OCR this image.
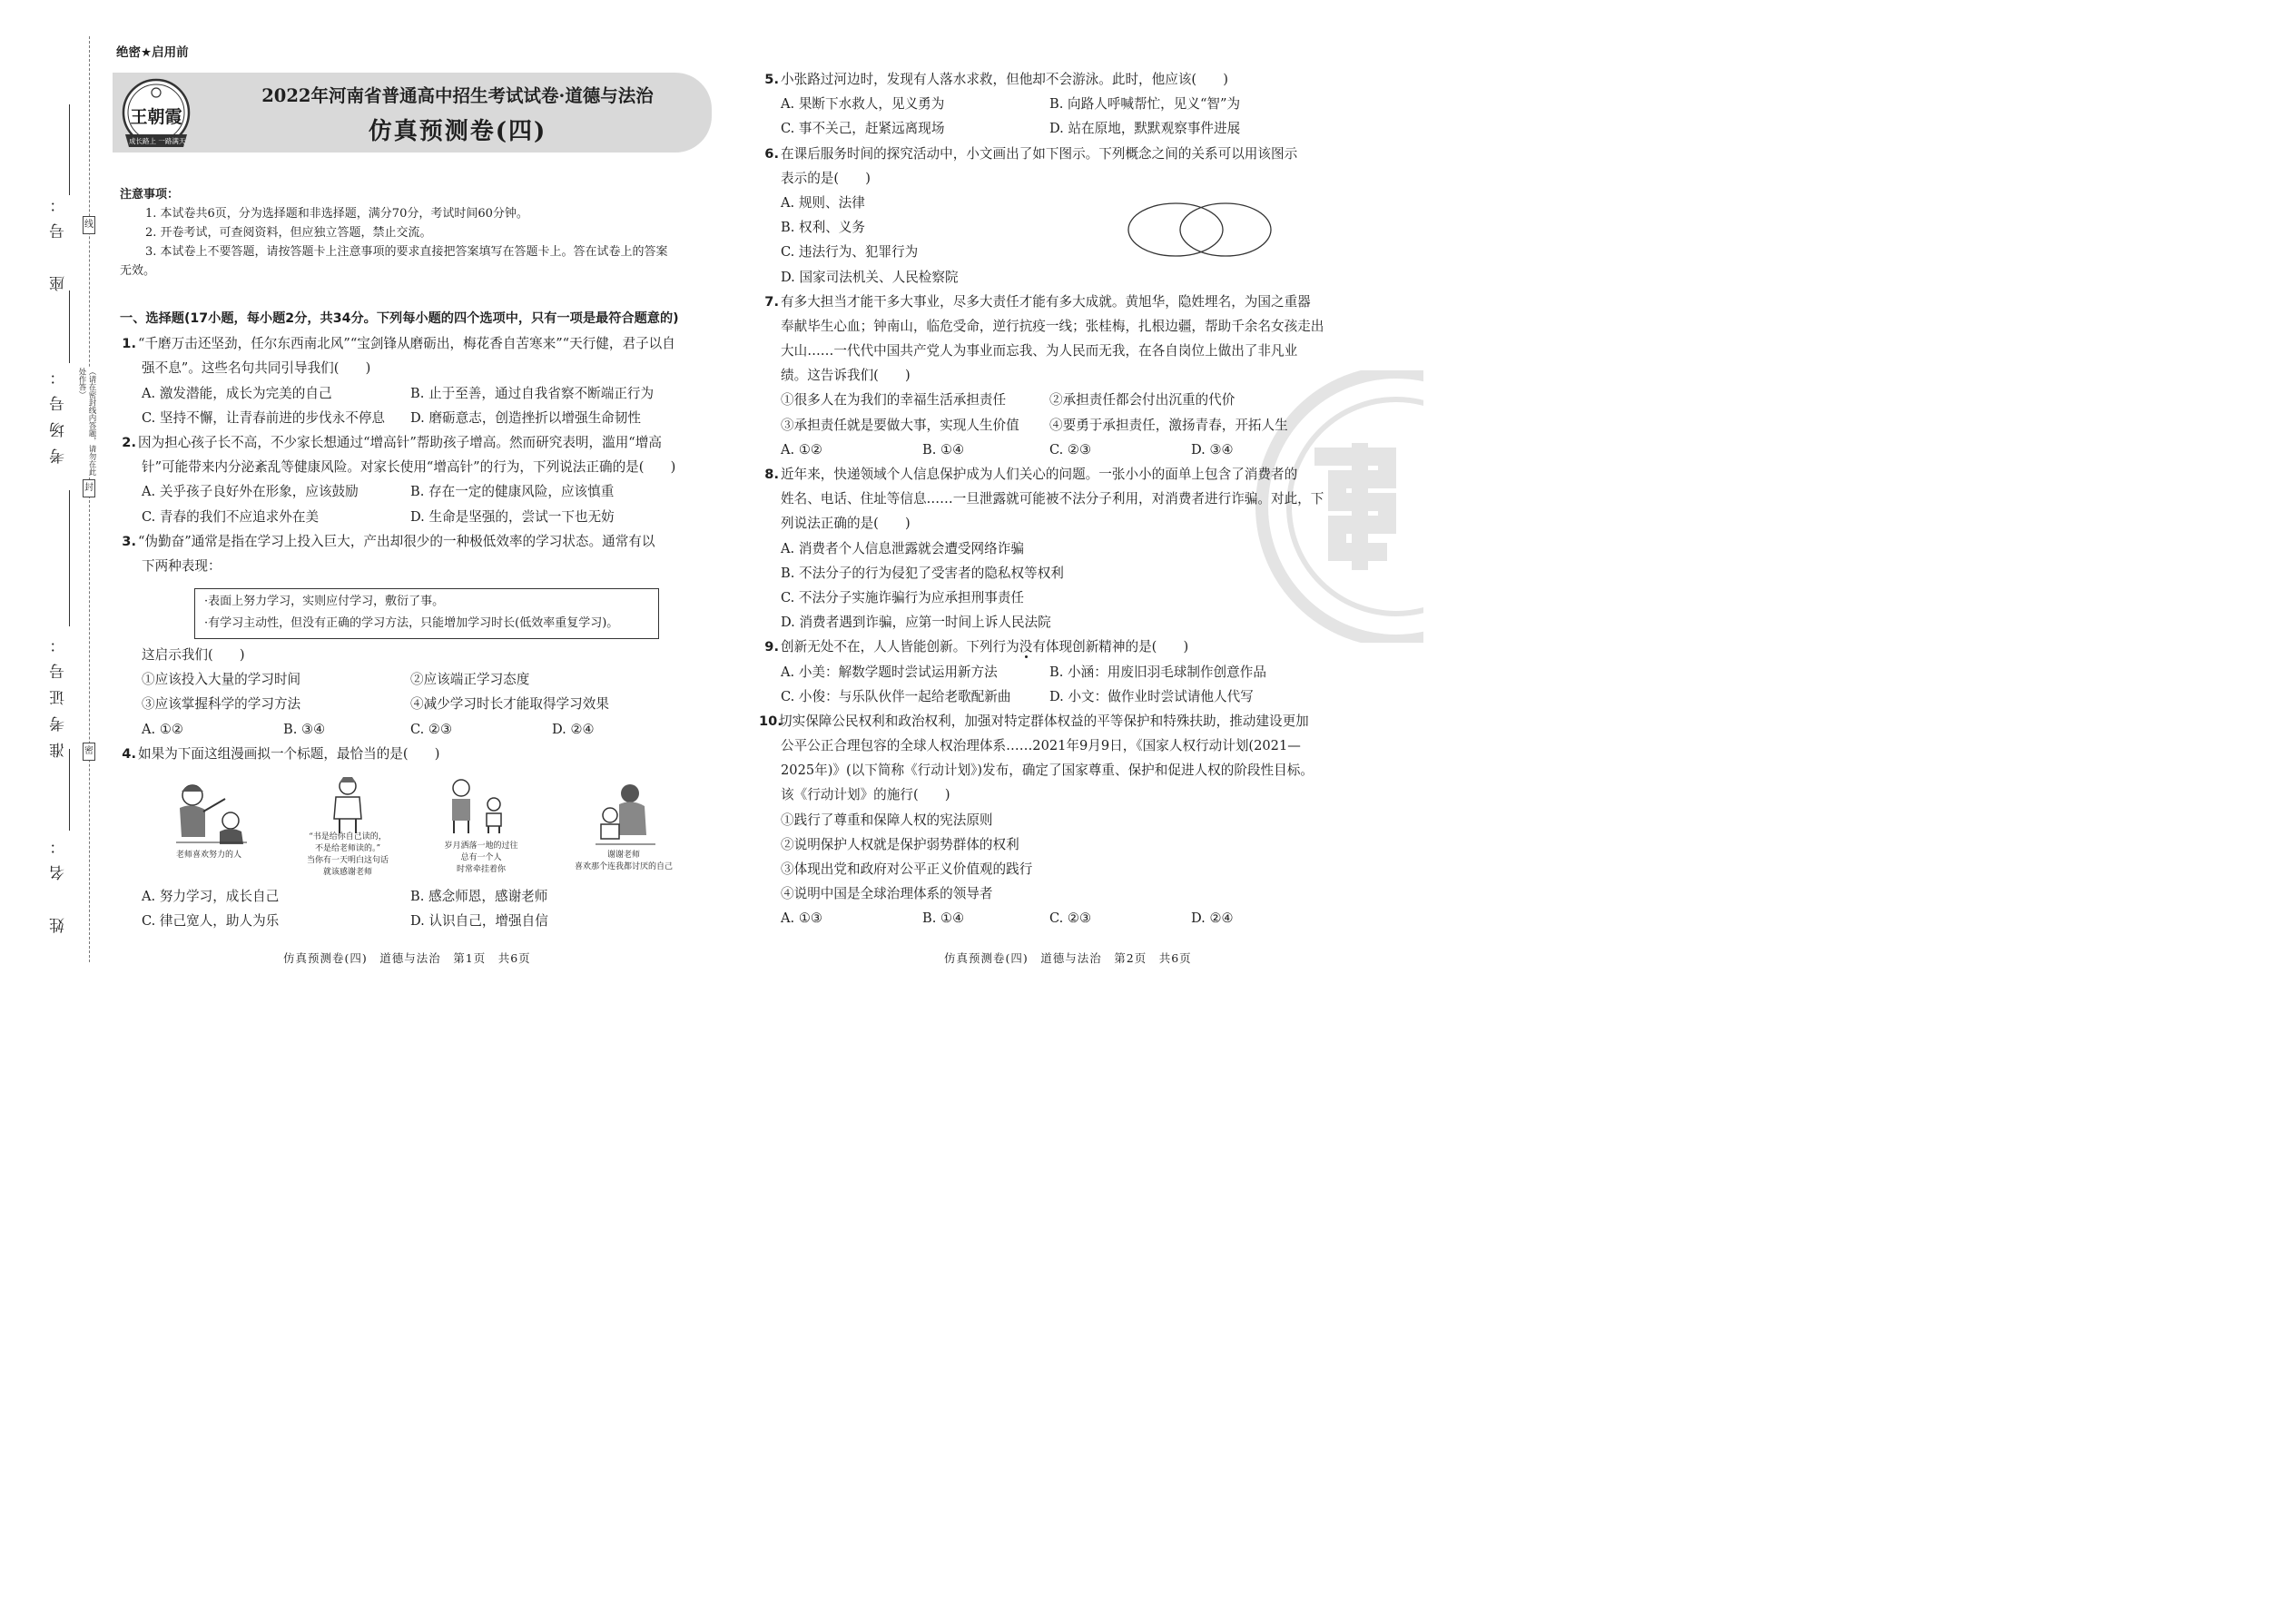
座　号：
考场号：
准考证号：
姓　名：
线
封
密
（请在密封线内答题，请勿在此处作答）
绝密★启用前
王朝霞
成长路上 一路满天
2022年河南省普通高中招生考试试卷·道德与法治
仿真预测卷(四)
注意事项：
1. 本试卷共6页，分为选择题和非选择题，满分70分，考试时间60分钟。
2. 开卷考试，可查阅资料，但应独立答题，禁止交流。
3. 本试卷上不要答题，请按答题卡上注意事项的要求直接把答案填写在答题卡上。答在试卷上的答案
无效。
一、选择题(17小题，每小题2分，共34分。下列每小题的四个选项中，只有一项是最符合题意的)
1. “千磨万击还坚劲，任尔东西南北风”“宝剑锋从磨砺出，梅花香自苦寒来”“天行健，君子以自
强不息”。这些名句共同引导我们(　　)
A. 激发潜能，成长为完美的自己	B. 止于至善，通过自我省察不断端正行为
C. 坚持不懈，让青春前进的步伐永不停息 D. 磨砺意志，创造挫折以增强生命韧性
2. 因为担心孩子长不高，不少家长想通过“增高针”帮助孩子增高。然而研究表明，滥用“增高
针”可能带来内分泌紊乱等健康风险。对家长使用“增高针”的行为，下列说法正确的是(　　)
A. 关乎孩子良好外在形象，应该鼓励	B. 存在一定的健康风险，应该慎重
C. 青春的我们不应追求外在美	D. 生命是坚强的，尝试一下也无妨
3. “伪勤奋”通常是指在学习上投入巨大，产出却很少的一种极低效率的学习状态。通常有以
下两种表现：
·表面上努力学习，实则应付学习，敷衍了事。
·有学习主动性，但没有正确的学习方法，只能增加学习时长(低效率重复学习)。
这启示我们(　　)
①应该投入大量的学习时间	②应该端正学习态度
③应该掌握科学的学习方法	④减少学习时长才能取得学习效果
A. ①②	B. ③④	C. ②③	D. ②④
4. 如果为下面这组漫画拟一个标题，最恰当的是(　　)
老师喜欢努力的人
“书是给你自己读的，
不是给老师读的。”
当你有一天明白这句话
就该感谢老师
岁月洒落一地的过往
总有一个人
时常牵挂着你
谢谢老师
喜欢那个连我都讨厌的自己
A. 努力学习，成长自己	B. 感念师恩，感谢老师
C. 律己宽人，助人为乐	D. 认识自己，增强自信
仿真预测卷(四)　道德与法治　第1页　共6页
5. 小张路过河边时，发现有人落水求救，但他却不会游泳。此时，他应该(　　)
A. 果断下水救人，见义勇为	B. 向路人呼喊帮忙，见义“智”为
C. 事不关己，赶紧远离现场	D. 站在原地，默默观察事件进展
6. 在课后服务时间的探究活动中，小文画出了如下图示。下列概念之间的关系可以用该图示
表示的是(　　)
A. 规则、法律
B. 权利、义务
C. 违法行为、犯罪行为
D. 国家司法机关、人民检察院
7. 有多大担当才能干多大事业，尽多大责任才能有多大成就。黄旭华，隐姓埋名，为国之重器
奉献毕生心血；钟南山，临危受命，逆行抗疫一线；张桂梅，扎根边疆，帮助千余名女孩走出
大山……一代代中国共产党人为事业而忘我、为人民而无我，在各自岗位上做出了非凡业
绩。这告诉我们(　　)
①很多人在为我们的幸福生活承担责任	②承担责任都会付出沉重的代价
③承担责任就是要做大事，实现人生价值 ④要勇于承担责任，激扬青春，开拓人生
A. ①②	B. ①④	C. ②③	D. ③④
8. 近年来，快递领域个人信息保护成为人们关心的问题。一张小小的面单上包含了消费者的
姓名、电话、住址等信息……一旦泄露就可能被不法分子利用，对消费者进行诈骗。对此，下
列说法正确的是(　　)
A. 消费者个人信息泄露就会遭受网络诈骗
B. 不法分子的行为侵犯了受害者的隐私权等权利
C. 不法分子实施诈骗行为应承担刑事责任
D. 消费者遇到诈骗，应第一时间上诉人民法院
9. 创新无处不在，人人皆能创新。下列行为没有体现创新精神的是(　　)
A. 小美：解数学题时尝试运用新方法	B. 小涵：用废旧羽毛球制作创意作品
C. 小俊：与乐队伙伴一起给老歌配新曲	D. 小文：做作业时尝试请他人代写
10.切实保障公民权利和政治权利，加强对特定群体权益的平等保护和特殊扶助，推动建设更加
公平公正合理包容的全球人权治理体系……2021年9月9日，《国家人权行动计划(2021—
2025年)》(以下简称《行动计划》)发布，确定了国家尊重、保护和促进人权的阶段性目标。
该《行动计划》的施行(　　)
①践行了尊重和保障人权的宪法原则
②说明保护人权就是保护弱势群体的权利
③体现出党和政府对公平正义价值观的践行
④说明中国是全球治理体系的领导者
A. ①③	B. ①④	C. ②③	D. ②④
仿真预测卷(四)　道德与法治　第2页　共6页
